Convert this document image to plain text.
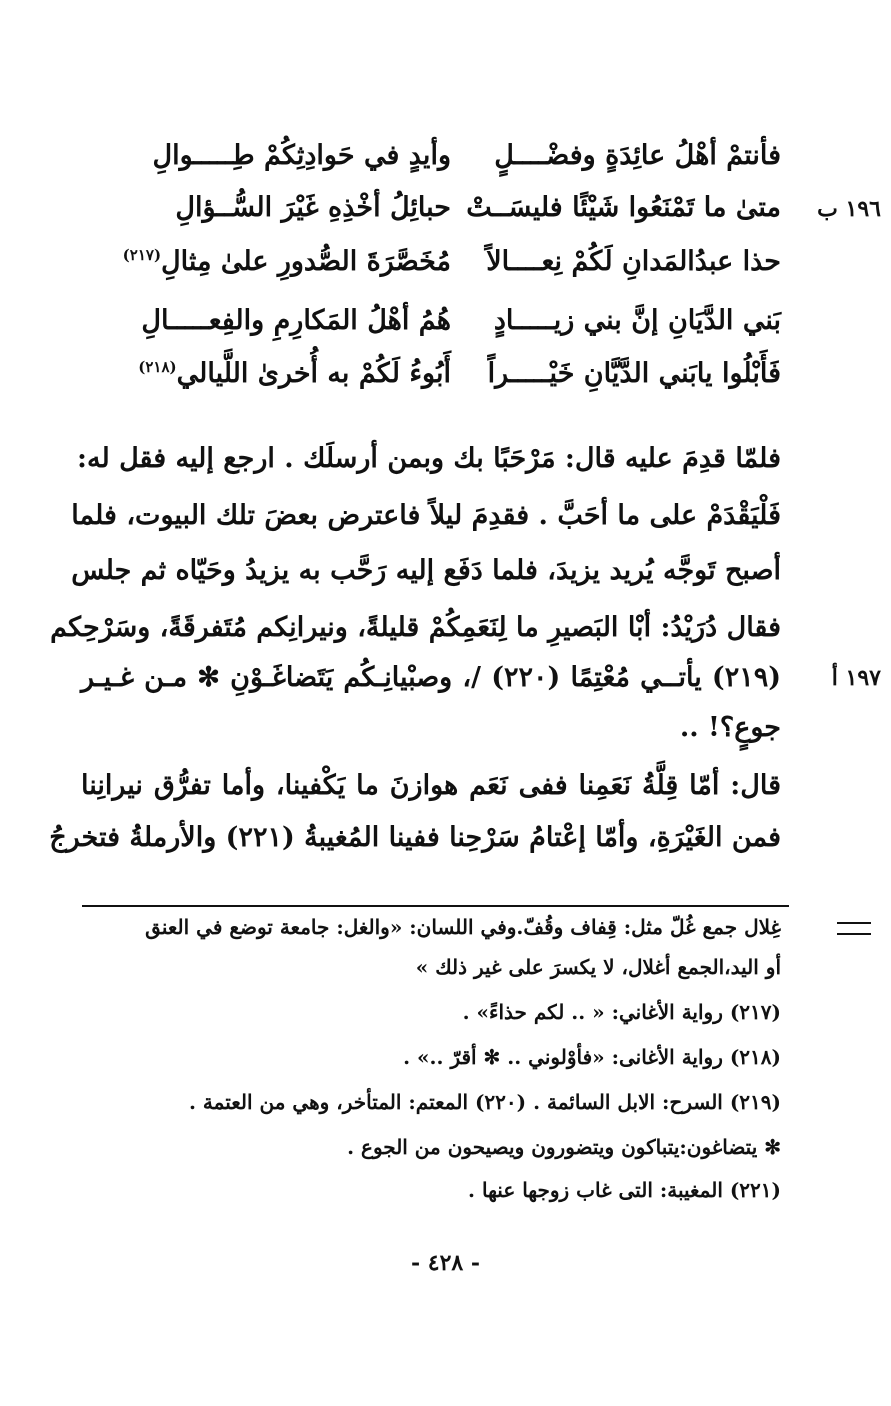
١٩٦ ب
١٩٧ أ
فأنتمْ أهْلُ عائِدَةٍ وفضْــــلٍ
وأيدٍ في حَوادِثِكُمْ طِـــــوالِ
متىٰ ما تَمْنَعُوا شَيْئًا فليسَــتْ
حبائِلُ أخْذِهِ غَيْرَ السُّــؤالِ
حذا عبدُالمَدانِ لَكُمْ نِعــــالاً
مُخَصَّرَةَ الصُّدورِ علىٰ مِثالِ$^{(٢١٧)}$
بَني الدَّيَانِ إنَّ بني زيـــــادٍ
هُمُ أهْلُ المَكارِمِ والفِعـــــالِ
فَأَبْلُوا يابَني الدَّيَّانِ خَيْـــــراً
أَبُوءُ لَكُمْ به أُخرىٰ اللَّيالي$^{(٢١٨)}$
فلمّا قدِمَ عليه قال: مَرْحَبًا بك وبمن أرسلَك . ارجع إليه فقل له:
فَلْيَقْدَمْ على ما أحَبَّ . فقدِمَ ليلاً فاعترض بعضَ تلك البيوت، فلما
أصبح تَوجَّه يُريد يزيدَ، فلما دَفَع إليه رَحَّب به يزيدُ وحَيّاه ثم جلس
فقال دُرَيْدُ: أبْا البَصيرِ ما لِنَعَمِكُمْ قليلةً، ونيرانِكم مُتَفرقَةً، وسَرْحِكم
(٢١٩) يأتــي مُعْتِمًا (٢٢٠) ‎/، وصبْيانِـكُم يَتَضاغَـوْنِ ✻ مـن غـيـر
جوعٍ؟! ..
قال: أمّا قِلَّةُ نَعَمِنا ففى نَعَم هوازنَ ما يَكْفينا، وأما تفرُّق نيرانِنا
فمن الغَيْرَةِ، وأمّا إعْتامُ سَرْحِنا ففينا المُغيبةُ (٢٢١) والأرملةُ فتخرجُ
غِلال جمع غُلّ مثل: قِفاف وقُفّ.وفي اللسان: «والغل: جامعة توضع في العنق
أو اليد،الجمع أغلال، لا يكسرَ على غير ذلك »
(٢١٧) رواية الأغاني: « .. لكم حذاءً» .
(٢١٨) رواية الأغانى: «فأوْلوني .. ✻ أقرّ ..» .
(٢١٩) السرح: الابل السائمة . (٢٢٠) المعتم: المتأخر، وهي من العتمة .
✻ يتضاغون:يتباكون ويتضورون ويصيحون من الجوع .
(٢٢١) المغيبة: التى غاب زوجها عنها .
- ٤٢٨ -
